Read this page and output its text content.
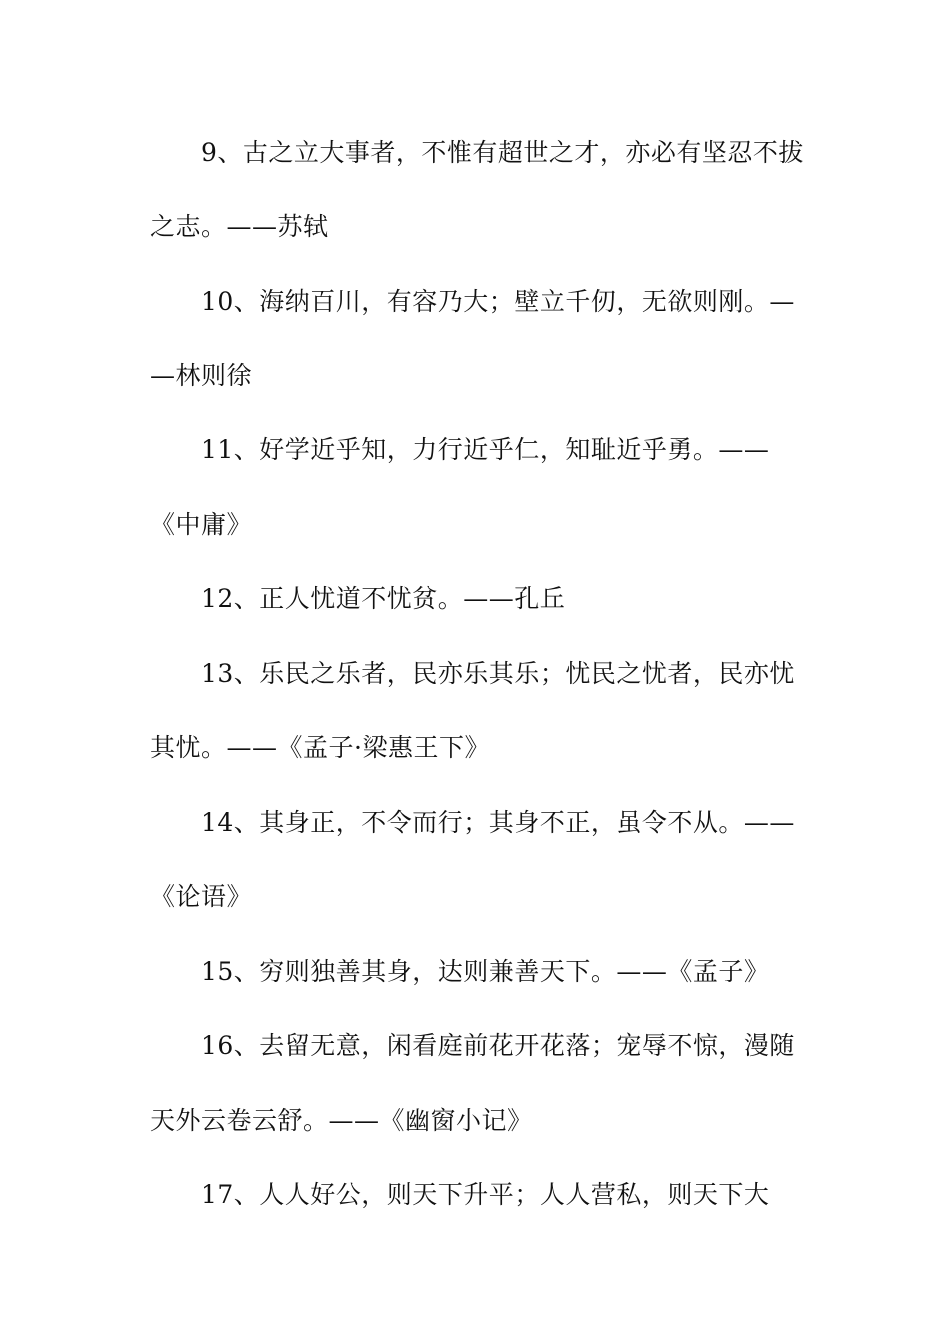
9、古之立大事者，不惟有超世之才，亦必有坚忍不拔
之志。——苏轼
10、海纳百川，有容乃大；壁立千仞，无欲则刚。—
—林则徐
11、好学近乎知，力行近乎仁，知耻近乎勇。——
《中庸》
12、正人忧道不忧贫。——孔丘
13、乐民之乐者，民亦乐其乐；忧民之忧者，民亦忧
其忧。——《孟子·梁惠王下》
14、其身正，不令而行；其身不正，虽令不从。——
《论语》
15、穷则独善其身，达则兼善天下。——《孟子》
16、去留无意，闲看庭前花开花落；宠辱不惊，漫随
天外云卷云舒。——《幽窗小记》
17、人人好公，则天下升平；人人营私，则天下大
